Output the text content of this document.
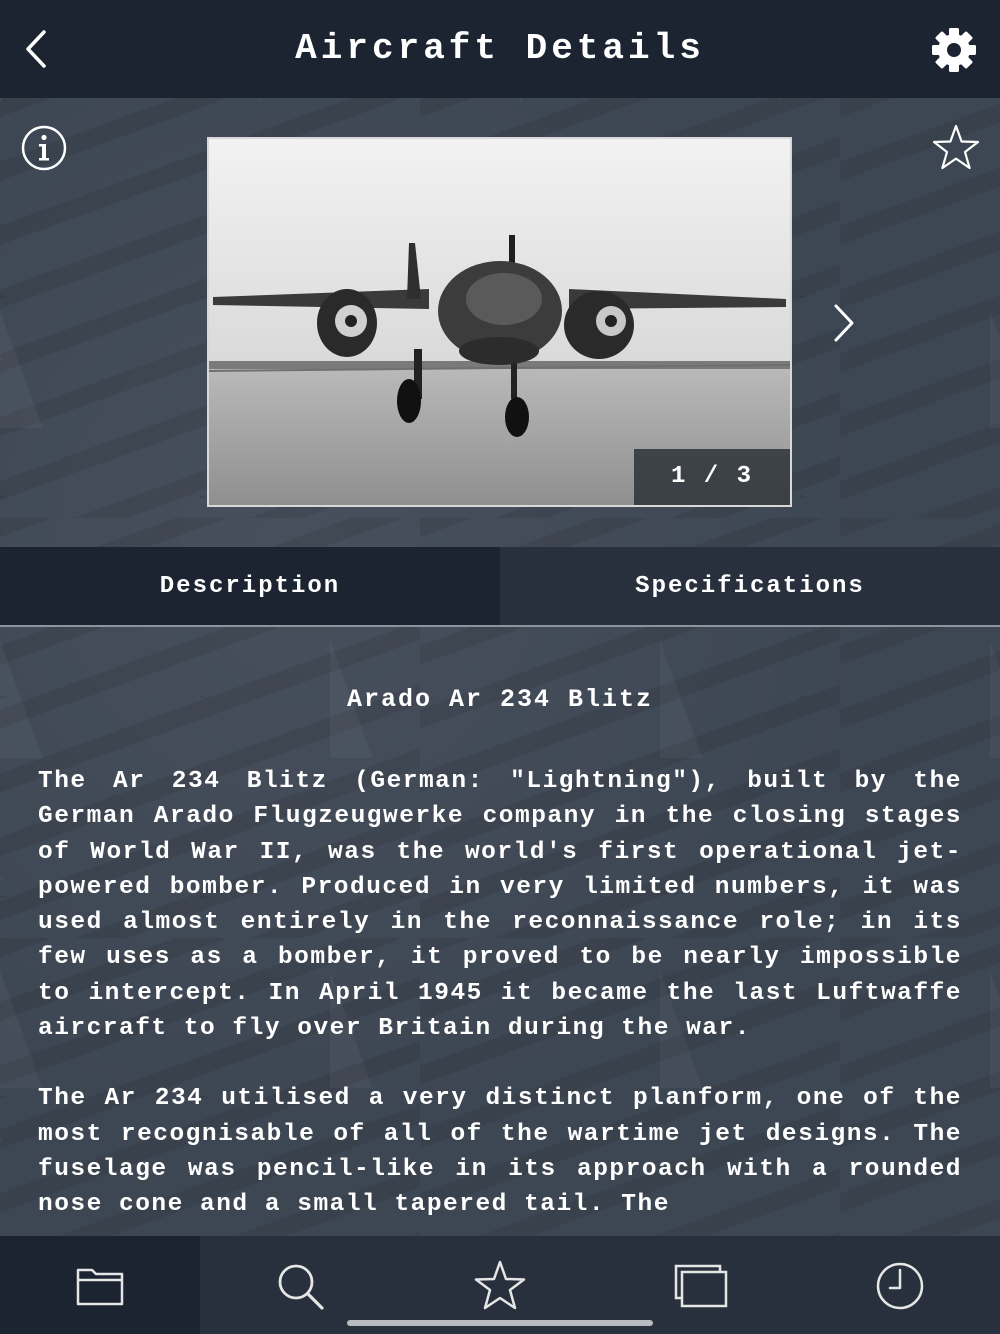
Aircraft Details
1 / 3
Description	Specifications
Arado Ar 234 Blitz

The Ar 234 Blitz (German: "Lightning"), built by the German Arado Flugzeugwerke company in the closing stages of World War II, was the world's first operational jet-powered bomber. Produced in very limited numbers, it was used almost entirely in the reconnaissance role; in its few uses as a bomber, it proved to be nearly impossible to intercept. In April 1945 it became the last Luftwaffe aircraft to fly over Britain during the war.

The Ar 234 utilised a very distinct planform, one of the most recognisable of all of the wartime jet designs. The fuselage was pencil-like in its approach with a rounded nose cone and a small tapered tail. The
